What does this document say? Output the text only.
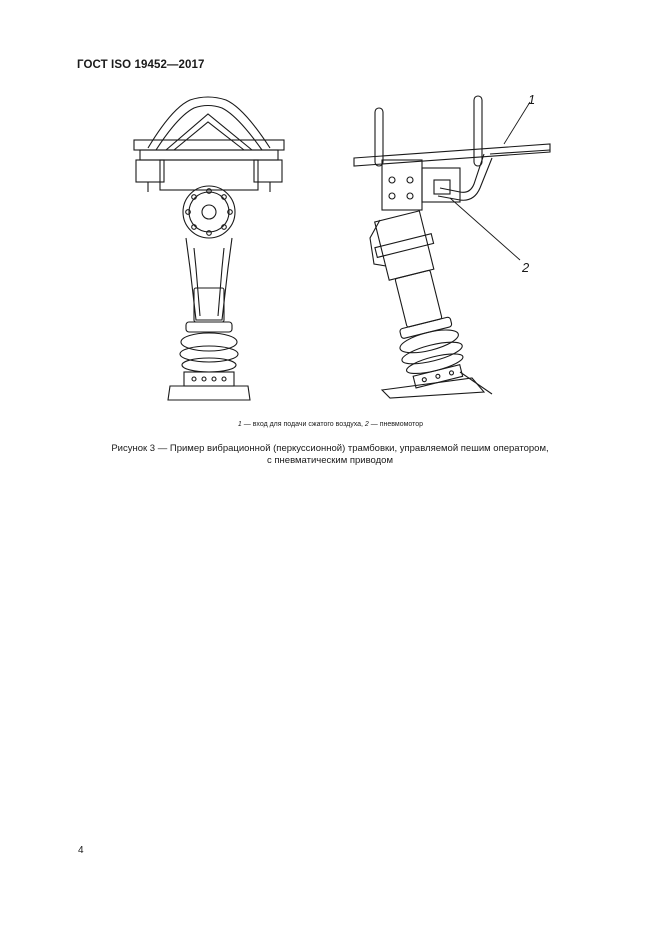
ГОСТ ISO 19452—2017
1
2
1 — вход для подачи сжатого воздуха, 2 — пневмомотор
Рисунок 3 — Пример вибрационной (перкуссионной) трамбовки, управляемой пешим оператором,
с пневматическим приводом
4
